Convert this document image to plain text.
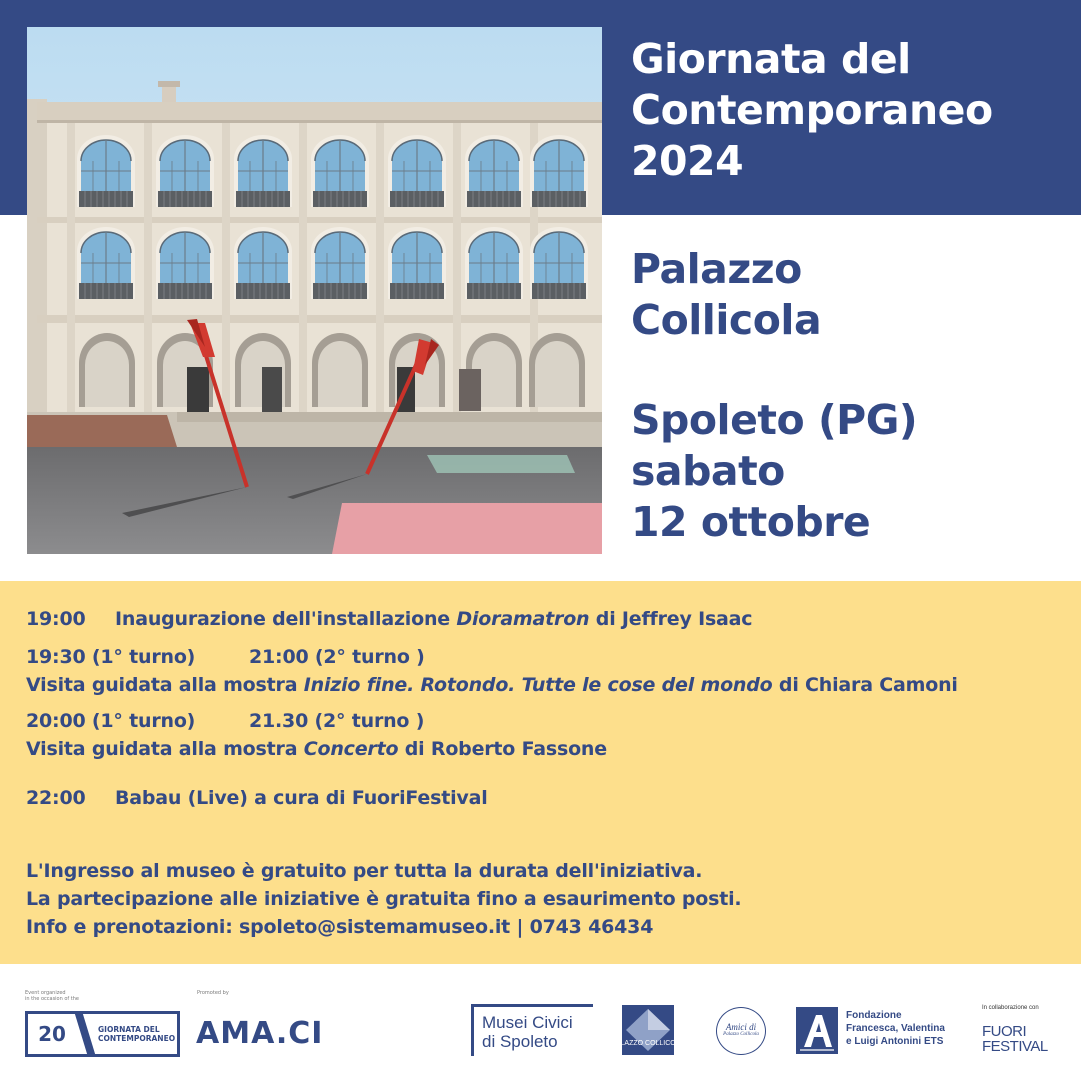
Giornata del
Contemporaneo
2024
Palazzo
Collicola
Spoleto (PG)
sabato
12 ottobre
19:00 Inaugurazione dell'installazione Dioramatron di Jeffrey Isaac
19:30 (1° turno)	21:00 (2° turno )
Visita guidata alla mostra Inizio fine. Rotondo. Tutte le cose del mondo di Chiara Camoni
20:00 (1° turno)	21.30 (2° turno )
Visita guidata alla mostra Concerto di Roberto Fassone
22:00 Babau (Live) a cura di FuoriFestival
L'Ingresso al museo è gratuito per tutta la durata dell'iniziativa.
La partecipazione alle iniziative è gratuita fino a esaurimento posti.
Info e prenotazioni: spoleto@sistemamuseo.it | 0743 46434
Event organized
in the occasion of the
20	GIORNATA DEL
CONTEMPORANEO
Promoted by
AMA.CI	Musei Civici
di Spoleto	PALAZZO COLLICOLA
Amici di
Palazzo Collicola
Fondazione
Francesca, Valentina
e Luigi Antonini ETS
In collaborazione con
FUORI
FESTIVAL
